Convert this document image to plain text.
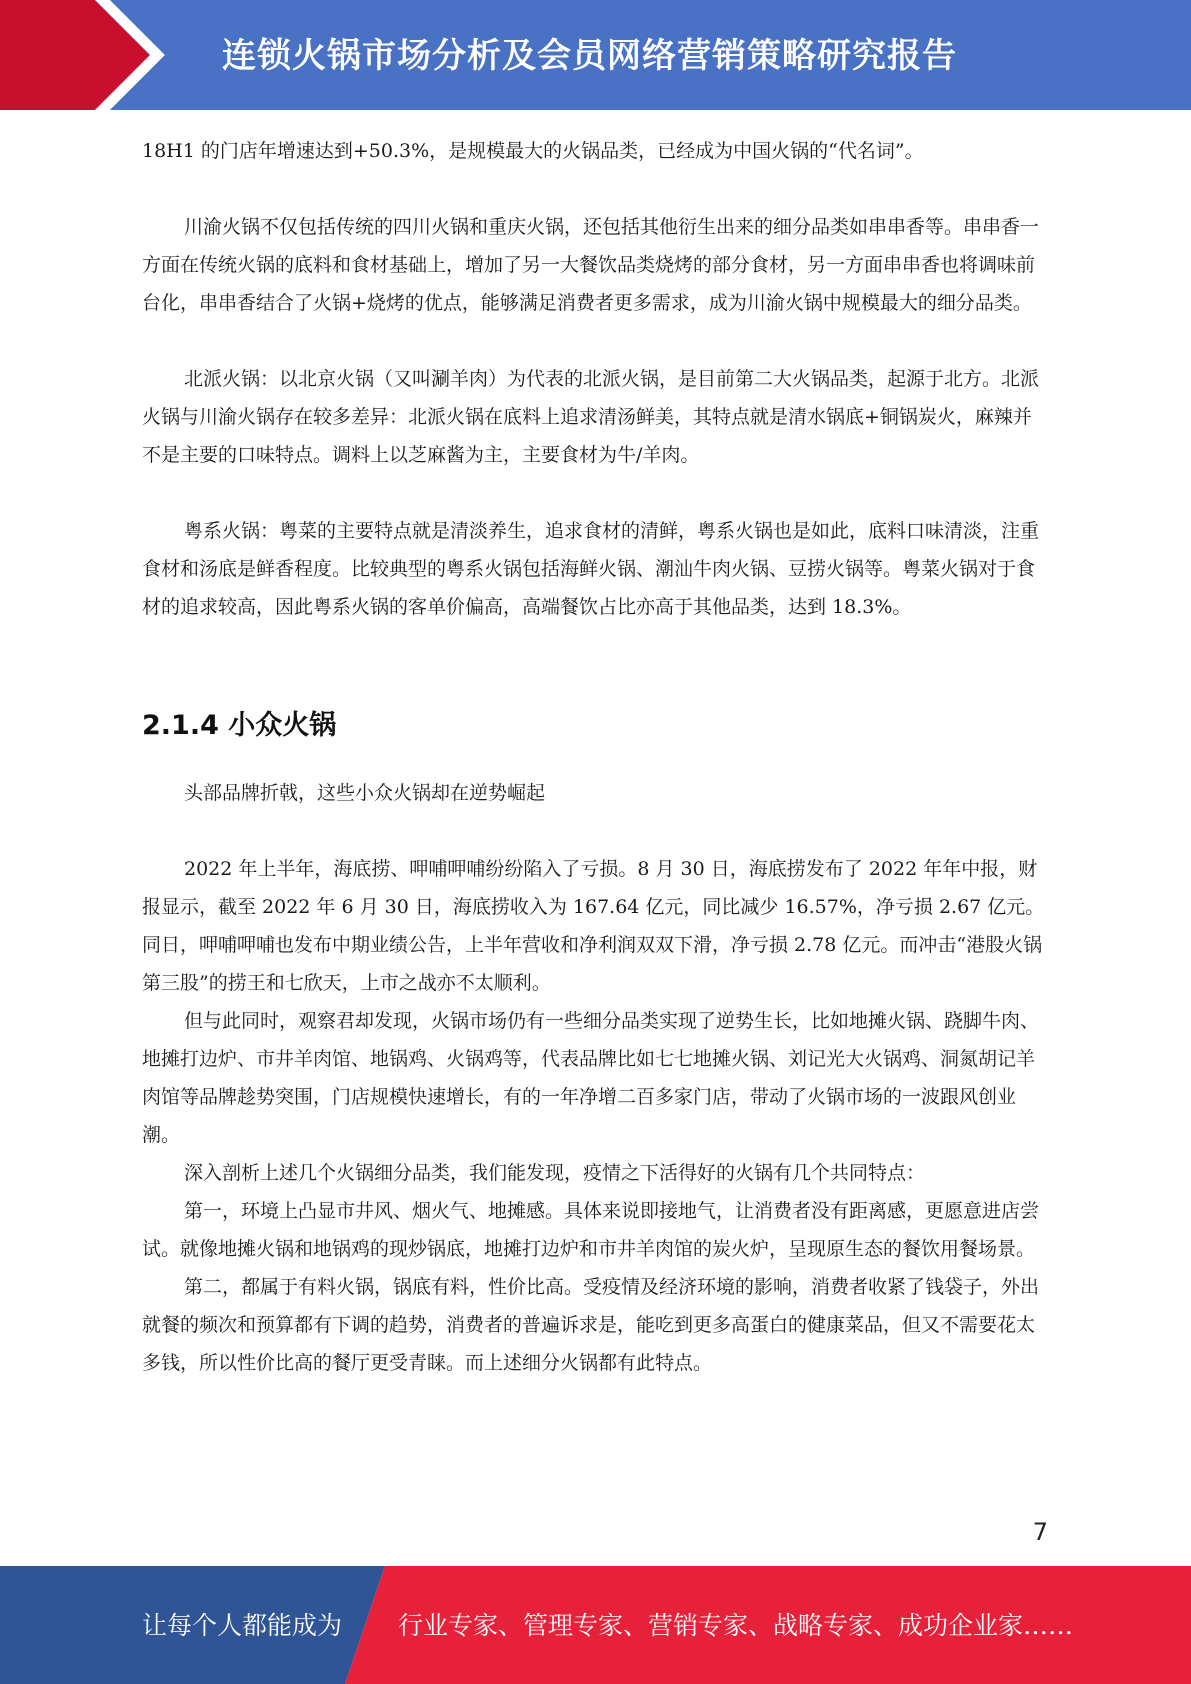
连锁火锅市场分析及会员网络营销策略研究报告

18H1 的门店年增速达到+50.3%，是规模最大的火锅品类，已经成为中国火锅的“代名词”。

川渝火锅不仅包括传统的四川火锅和重庆火锅，还包括其他衍生出来的细分品类如串串香等。串串香一方面在传统火锅的底料和食材基础上，增加了另一大餐饮品类烧烤的部分食材，另一方面串串香也将调味前台化，串串香结合了火锅+烧烤的优点，能够满足消费者更多需求，成为川渝火锅中规模最大的细分品类。

北派火锅：以北京火锅（又叫涮羊肉）为代表的北派火锅，是目前第二大火锅品类，起源于北方。北派火锅与川渝火锅存在较多差异：北派火锅在底料上追求清汤鲜美，其特点就是清水锅底+铜锅炭火，麻辣并不是主要的口味特点。调料上以芝麻酱为主，主要食材为牛/羊肉。

粤系火锅：粤菜的主要特点就是清淡养生，追求食材的清鲜，粤系火锅也是如此，底料口味清淡，注重食材和汤底是鲜香程度。比较典型的粤系火锅包括海鲜火锅、潮汕牛肉火锅、豆捞火锅等。粤菜火锅对于食材的追求较高，因此粤系火锅的客单价偏高，高端餐饮占比亦高于其他品类，达到 18.3%。

2.1.4 小众火锅

头部品牌折戟，这些小众火锅却在逆势崛起

2022 年上半年，海底捞、呷哺呷哺纷纷陷入了亏损。8 月 30 日，海底捞发布了 2022 年年中报，财报显示，截至 2022 年 6 月 30 日，海底捞收入为 167.64 亿元，同比减少 16.57%，净亏损 2.67 亿元。同日，呷哺呷哺也发布中期业绩公告，上半年营收和净利润双双下滑，净亏损 2.78 亿元。而冲击“港股火锅第三股”的捞王和七欣天，上市之战亦不太顺利。

但与此同时，观察君却发现，火锅市场仍有一些细分品类实现了逆势生长，比如地摊火锅、跷脚牛肉、地摊打边炉、市井羊肉馆、地锅鸡、火锅鸡等，代表品牌比如七七地摊火锅、刘记光大火锅鸡、洞氮胡记羊肉馆等品牌趁势突围，门店规模快速增长，有的一年净增二百多家门店，带动了火锅市场的一波跟风创业潮。

深入剖析上述几个火锅细分品类，我们能发现，疫情之下活得好的火锅有几个共同特点：

第一，环境上凸显市井风、烟火气、地摊感。具体来说即接地气，让消费者没有距离感，更愿意进店尝试。就像地摊火锅和地锅鸡的现炒锅底，地摊打边炉和市井羊肉馆的炭火炉，呈现原生态的餐饮用餐场景。

第二，都属于有料火锅，锅底有料，性价比高。受疫情及经济环境的影响，消费者收紧了钱袋子，外出就餐的频次和预算都有下调的趋势，消费者的普遍诉求是，能吃到更多高蛋白的健康菜品，但又不需要花太多钱，所以性价比高的餐厅更受青睐。而上述细分火锅都有此特点。

7
让每个人都能成为 行业专家、管理专家、营销专家、战略专家、成功企业家……
